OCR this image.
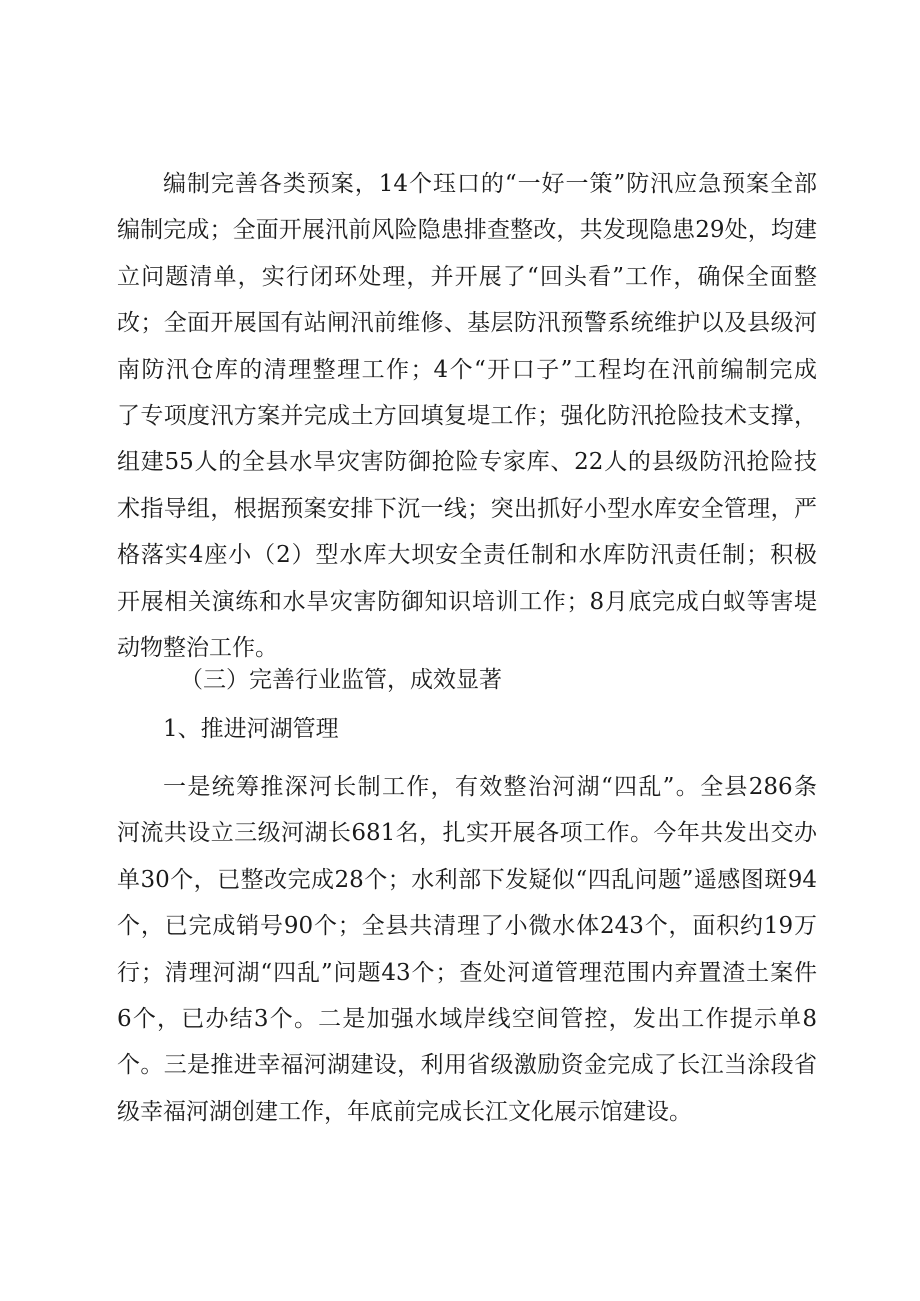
编制完善各类预案，14个珏口的“一好一策”防汛应急预案全部
编制完成；全面开展汛前风险隐患排查整改，共发现隐患29处，均建
立问题清单，实行闭环处理，并开展了“回头看”工作，确保全面整
改；全面开展国有站闸汛前维修、基层防汛预警系统维护以及县级河
南防汛仓库的清理整理工作；4个“开口子”工程均在汛前编制完成
了专项度汛方案并完成土方回填复堤工作；强化防汛抢险技术支撑，
组建55人的全县水旱灾害防御抢险专家库、22人的县级防汛抢险技
术指导组，根据预案安排下沉一线；突出抓好小型水库安全管理，严
格落实4座小（2）型水库大坝安全责任制和水库防汛责任制；积极
开展相关演练和水旱灾害防御知识培训工作；8月底完成白蚁等害堤
动物整治工作。
（三）完善行业监管，成效显著
1、推进河湖管理
一是统筹推深河长制工作，有效整治河湖“四乱”。全县286条
河流共设立三级河湖长681名，扎实开展各项工作。今年共发出交办
单30个，已整改完成28个；水利部下发疑似“四乱问题”遥感图斑94
个，已完成销号90个；全县共清理了小微水体243个，面积约19万
行；清理河湖“四乱”问题43个；查处河道管理范围内弃置渣土案件
6个，已办结3个。二是加强水域岸线空间管控，发出工作提示单8
个。三是推进幸福河湖建设，利用省级激励资金完成了长江当涂段省
级幸福河湖创建工作，年底前完成长江文化展示馆建设。
